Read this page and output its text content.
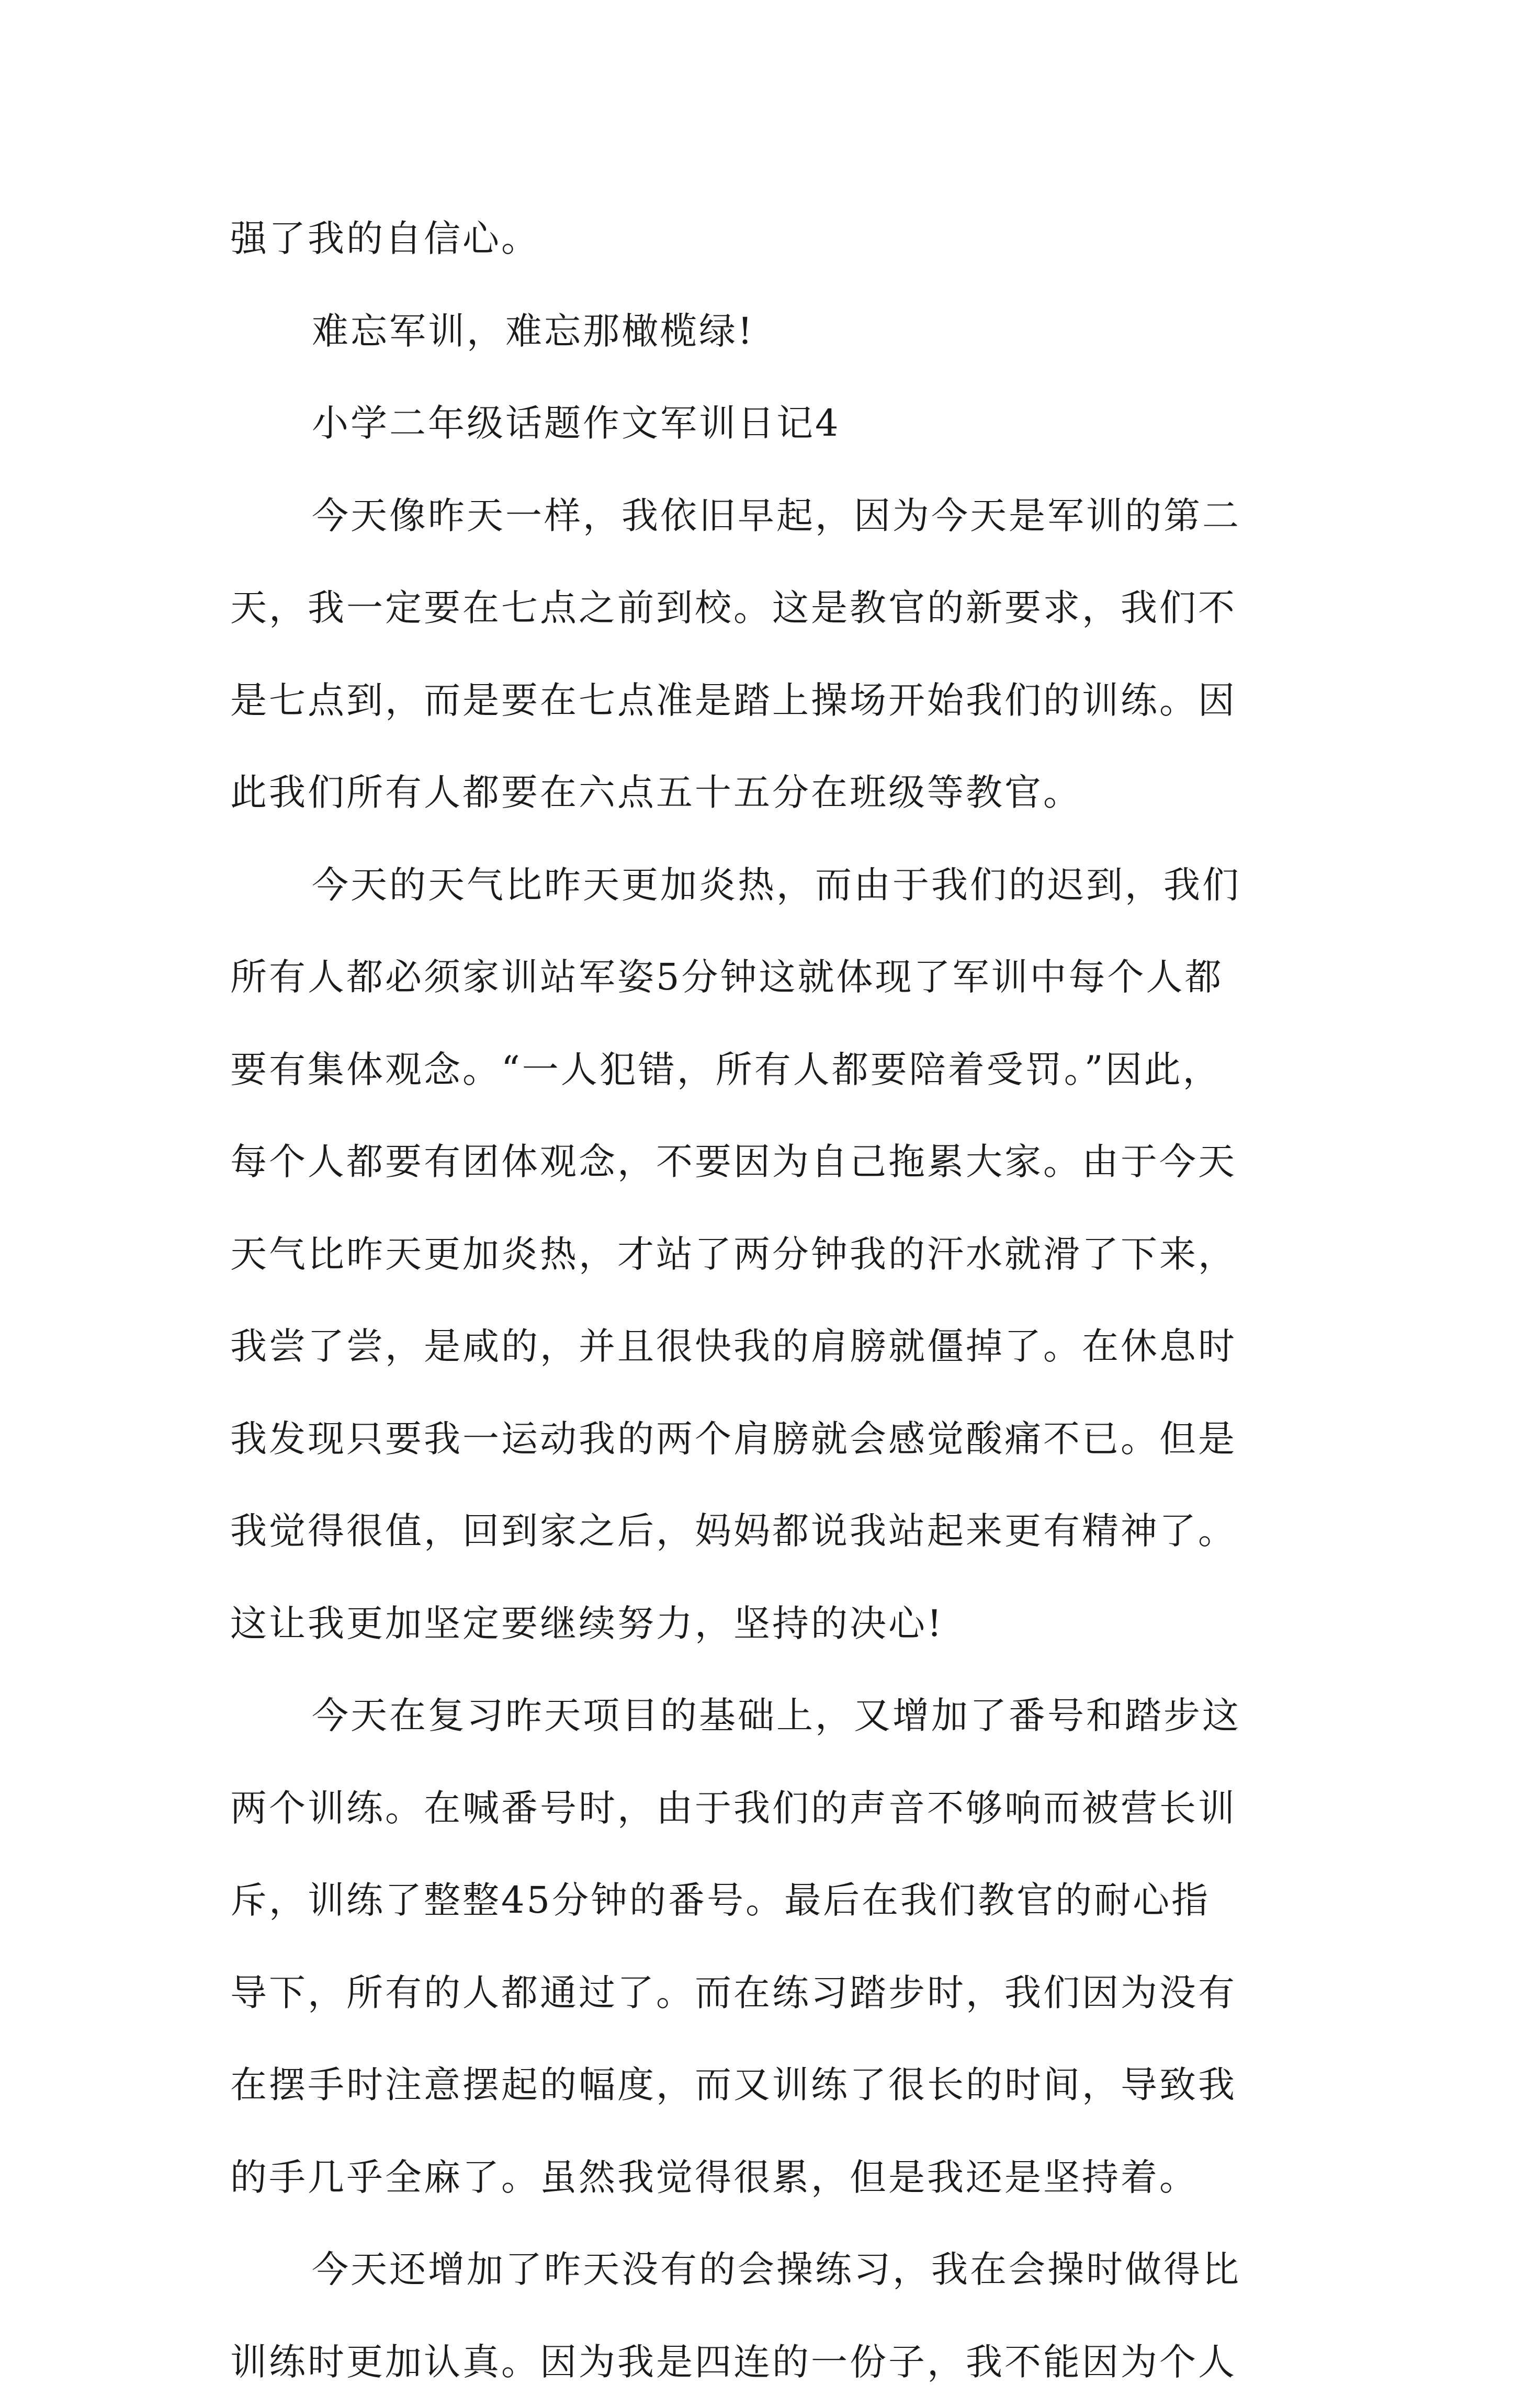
强了我的自信心。
难忘军训，难忘那橄榄绿!
小学二年级话题作文军训日记4
今天像昨天一样，我依旧早起，因为今天是军训的第二
天，我一定要在七点之前到校。这是教官的新要求，我们不
是七点到，而是要在七点准是踏上操场开始我们的训练。因
此我们所有人都要在六点五十五分在班级等教官。
今天的天气比昨天更加炎热，而由于我们的迟到，我们
所有人都必须家训站军姿5分钟这就体现了军训中每个人都
要有集体观念。“一人犯错，所有人都要陪着受罚。”因此，
每个人都要有团体观念，不要因为自己拖累大家。由于今天
天气比昨天更加炎热，才站了两分钟我的汗水就滑了下来，
我尝了尝，是咸的，并且很快我的肩膀就僵掉了。在休息时
我发现只要我一运动我的两个肩膀就会感觉酸痛不已。但是
我觉得很值，回到家之后，妈妈都说我站起来更有精神了。
这让我更加坚定要继续努力，坚持的决心!
今天在复习昨天项目的基础上，又增加了番号和踏步这
两个训练。在喊番号时，由于我们的声音不够响而被营长训
斥，训练了整整45分钟的番号。最后在我们教官的耐心指
导下，所有的人都通过了。而在练习踏步时，我们因为没有
在摆手时注意摆起的幅度，而又训练了很长的时间，导致我
的手几乎全麻了。虽然我觉得很累，但是我还是坚持着。
今天还增加了昨天没有的会操练习，我在会操时做得比
训练时更加认真。因为我是四连的一份子，我不能因为个人
